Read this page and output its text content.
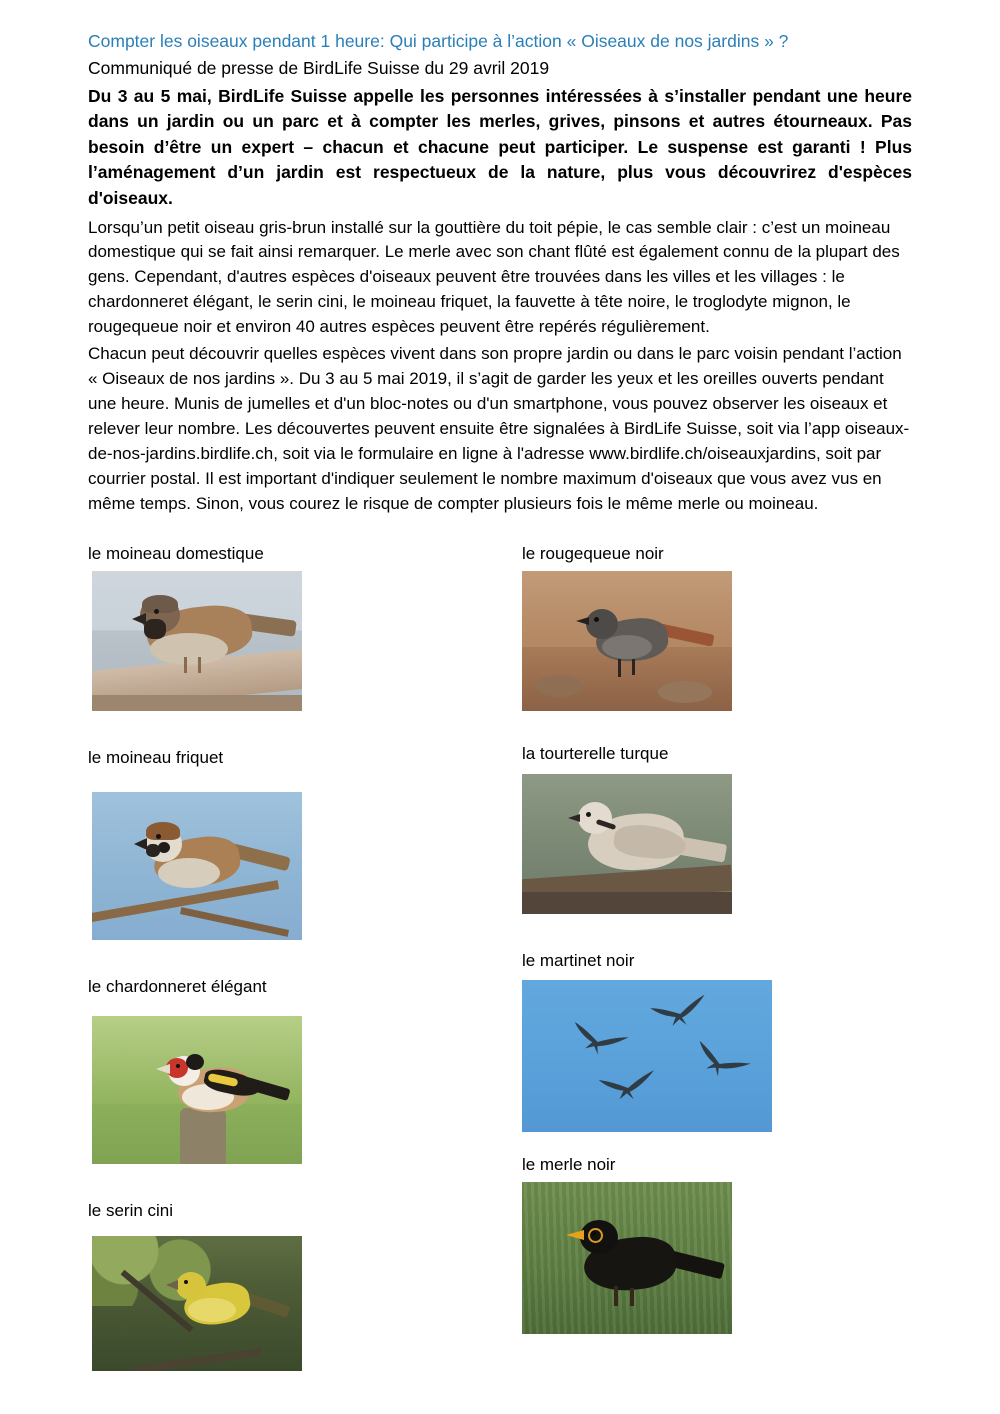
Compter les oiseaux pendant 1 heure: Qui participe à l’action « Oiseaux de nos jardins » ?

Communiqué de presse de BirdLife Suisse du 29 avril 2019

Du 3 au 5 mai, BirdLife Suisse appelle les personnes intéressées à s’installer pendant une heure dans un jardin ou un parc et à compter les merles, grives, pinsons et autres étourneaux. Pas besoin d’être un expert – chacun et chacune peut participer. Le suspense est garanti ! Plus l’aménagement d’un jardin est respectueux de la nature, plus vous découvrirez d'espèces d'oiseaux.

Lorsqu’un petit oiseau gris-brun installé sur la gouttière du toit pépie, le cas semble clair : c’est un moineau domestique qui se fait ainsi remarquer. Le merle avec son chant flûté est également connu de la plupart des gens. Cependant, d'autres espèces d'oiseaux peuvent être trouvées dans les villes et les villages : le chardonneret élégant, le serin cini, le moineau friquet, la fauvette à tête noire, le troglodyte mignon, le rougequeue noir et environ 40 autres espèces peuvent être repérés régulièrement.

Chacun peut découvrir quelles espèces vivent dans son propre jardin ou dans le parc voisin pendant l’action « Oiseaux de nos jardins ». Du 3 au 5 mai 2019, il s’agit de garder les yeux et les oreilles ouverts pendant une heure. Munis de jumelles et d'un bloc-notes ou d'un smartphone, vous pouvez observer les oiseaux et relever leur nombre. Les découvertes peuvent ensuite être signalées à BirdLife Suisse, soit via l’app oiseaux-de-nos-jardins.birdlife.ch, soit via le formulaire en ligne à l'adresse www.birdlife.ch/oiseauxjardins, soit par courrier postal. Il est important d'indiquer seulement le nombre maximum d'oiseaux que vous avez vus en même temps. Sinon, vous courez le risque de compter plusieurs fois le même merle ou moineau.

le moineau domestique

le moineau friquet

le chardonneret élégant

le serin cini

le rougequeue noir

la tourterelle turque

le martinet noir

le merle noir
